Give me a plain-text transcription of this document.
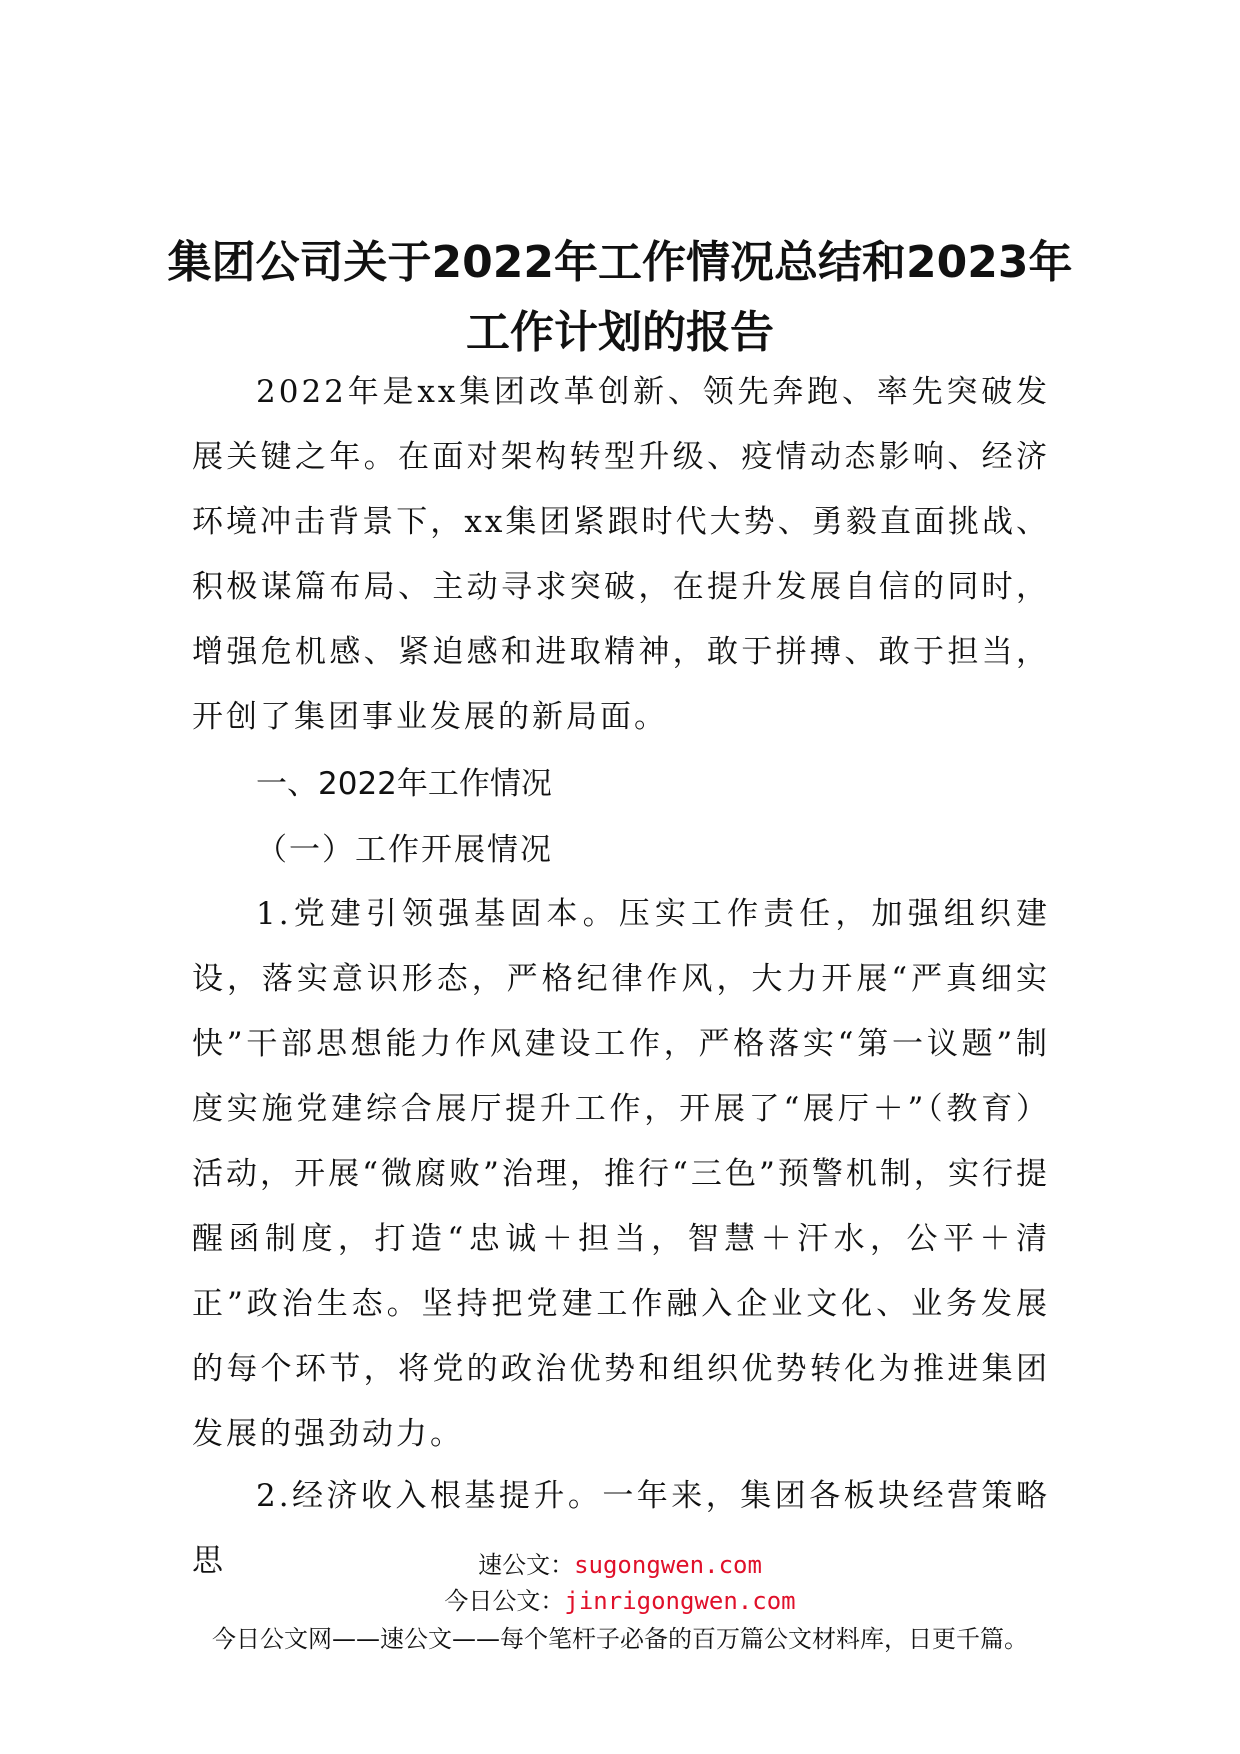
集团公司关于2022年工作情况总结和2023年工作计划的报告

2022年是xx集团改革创新、领先奔跑、率先突破发展关键之年。在面对架构转型升级、疫情动态影响、经济环境冲击背景下，xx集团紧跟时代大势、勇毅直面挑战、积极谋篇布局、主动寻求突破，在提升发展自信的同时，增强危机感、紧迫感和进取精神，敢于拼搏、敢于担当，开创了集团事业发展的新局面。

一、2022年工作情况

（一）工作开展情况

1.党建引领强基固本。压实工作责任，加强组织建设，落实意识形态，严格纪律作风，大力开展“严真细实快”干部思想能力作风建设工作，严格落实“第一议题”制度实施党建综合展厅提升工作，开展了“展厅＋”（教育）活动，开展“微腐败”治理，推行“三色”预警机制，实行提醒函制度，打造“忠诚＋担当，智慧＋汗水，公平＋清正”政治生态。坚持把党建工作融入企业文化、业务发展的每个环节，将党的政治优势和组织优势转化为推进集团发展的强劲动力。

2.经济收入根基提升。一年来，集团各板块经营策略思	速公文：sugongwen.com
今日公文：jinrigongwen.com
今日公文网——速公文——每个笔杆子必备的百万篇公文材料库，日更千篇。
